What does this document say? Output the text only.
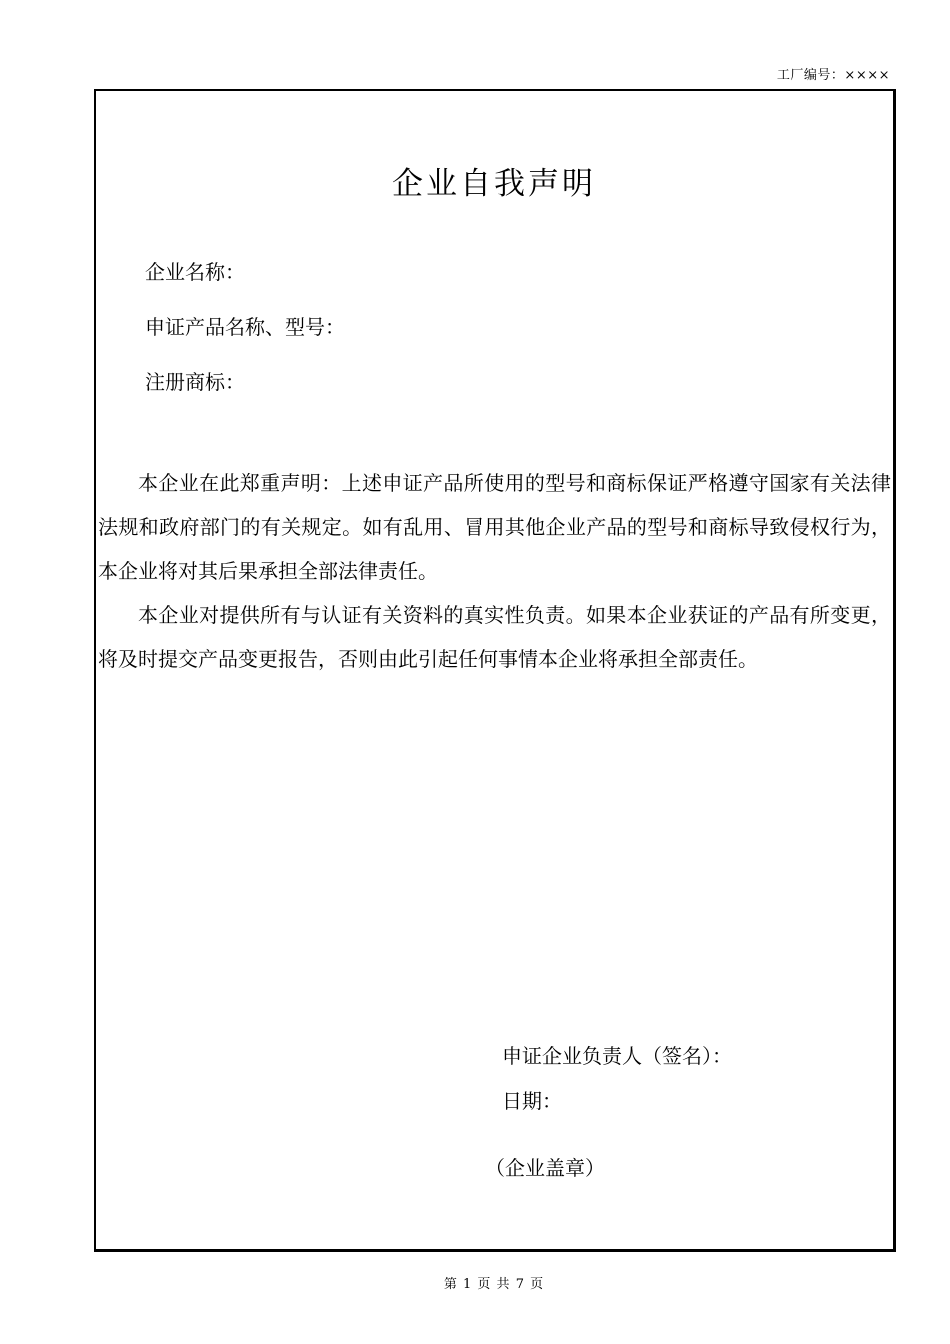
工厂编号：××××
企业自我声明
企业名称：
申证产品名称、型号：
注册商标：

本企业在此郑重声明：上述申证产品所使用的型号和商标保证严格遵守国家有关法律法规和政府部门的有关规定。如有乱用、冒用其他企业产品的型号和商标导致侵权行为，本企业将对其后果承担全部法律责任。

本企业对提供所有与认证有关资料的真实性负责。如果本企业获证的产品有所变更，将及时提交产品变更报告，否则由此引起任何事情本企业将承担全部责任。

申证企业负责人（签名）：
日期：
（企业盖章）
第 1 页 共 7 页
